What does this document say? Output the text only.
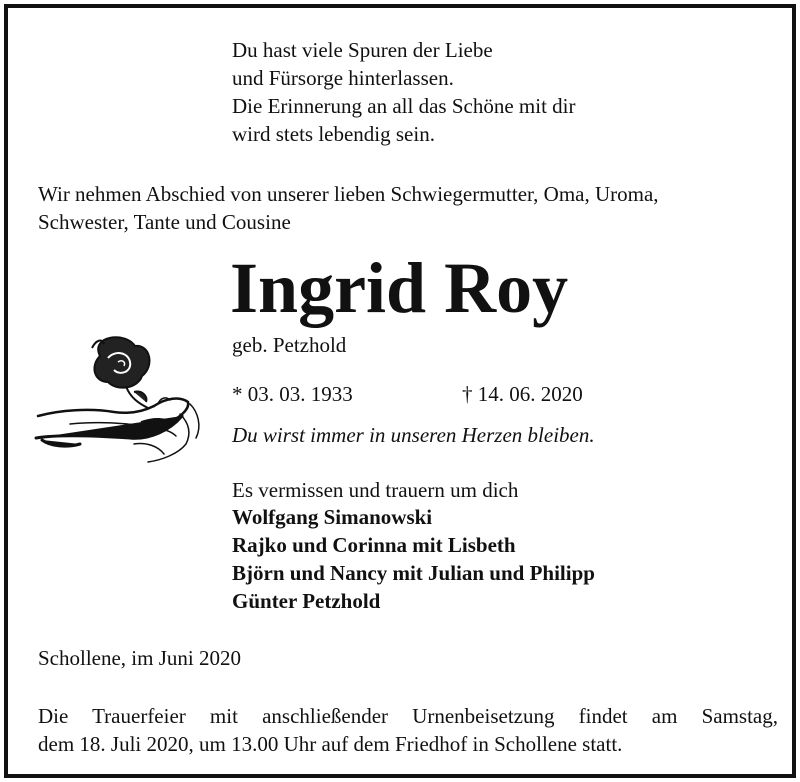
Du hast viele Spuren der Liebe
und Fürsorge hinterlassen.
Die Erinnerung an all das Schöne mit dir
wird stets lebendig sein.
Wir nehmen Abschied von unserer lieben Schwiegermutter, Oma, Uroma,
Schwester, Tante und Cousine
Ingrid Roy
geb. Petzhold
* 03. 03. 1933	† 14. 06. 2020
Du wirst immer in unseren Herzen bleiben.
Es vermissen und trauern um dich
Wolfgang Simanowski
Rajko und Corinna mit Lisbeth
Björn und Nancy mit Julian und Philipp
Günter Petzhold
Schollene, im Juni 2020
Die Trauerfeier mit anschließender Urnenbeisetzung findet am Samstag,
dem 18. Juli 2020, um 13.00 Uhr auf dem Friedhof in Schollene statt.
